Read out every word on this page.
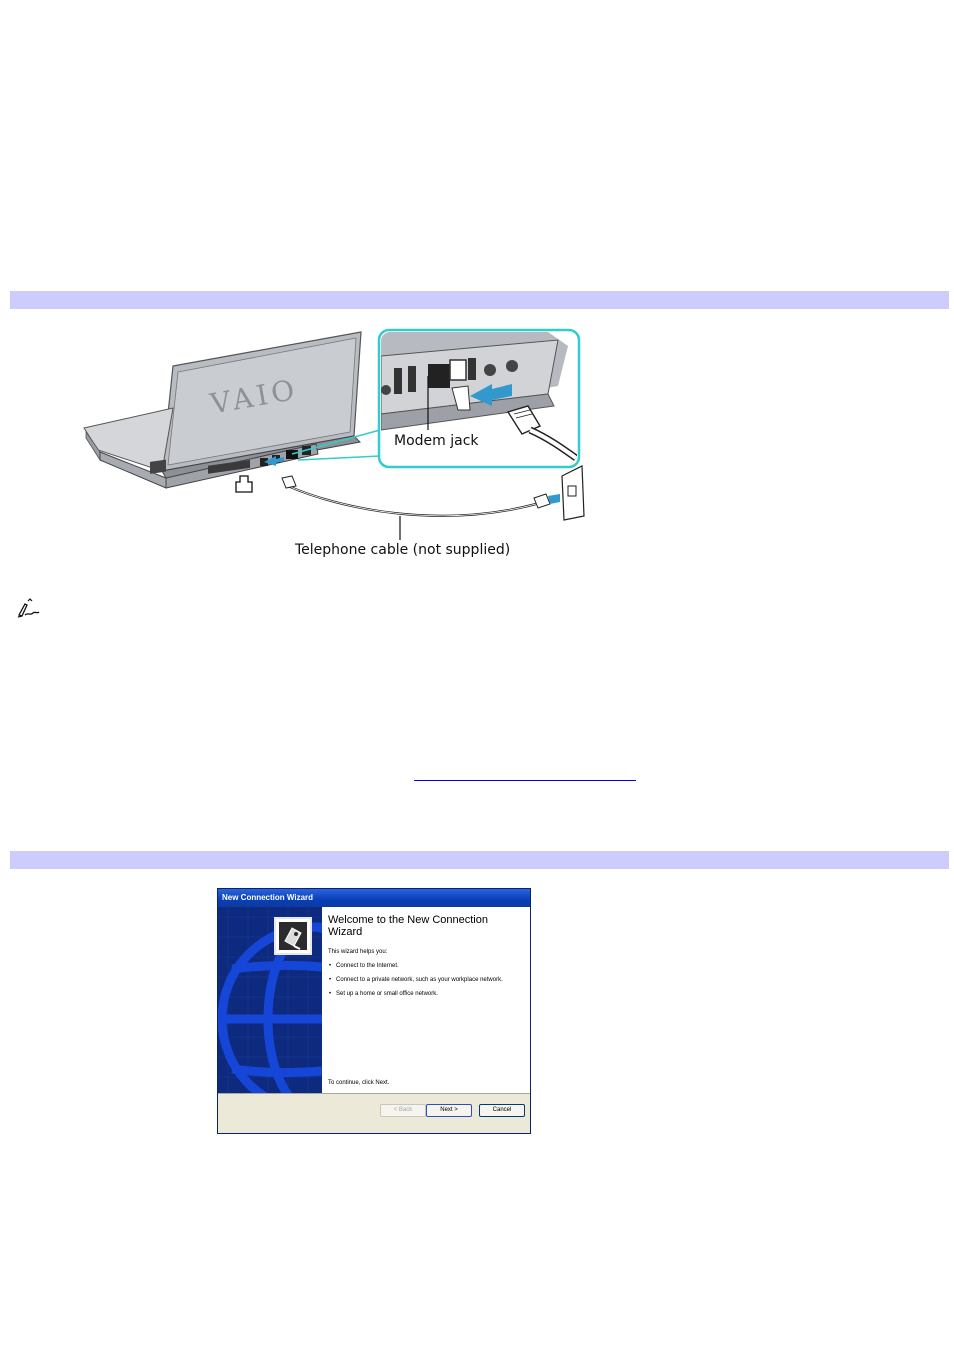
VAIO
Modem jack
Telephone cable (not supplied)
New Connection Wizard
Welcome to the New Connection Wizard
This wizard helps you:
• Connect to the Internet.
• Connect to a private network, such as your workplace network.
• Set up a home or small office network.
To continue, click Next.
< Back	Next >	Cancel
